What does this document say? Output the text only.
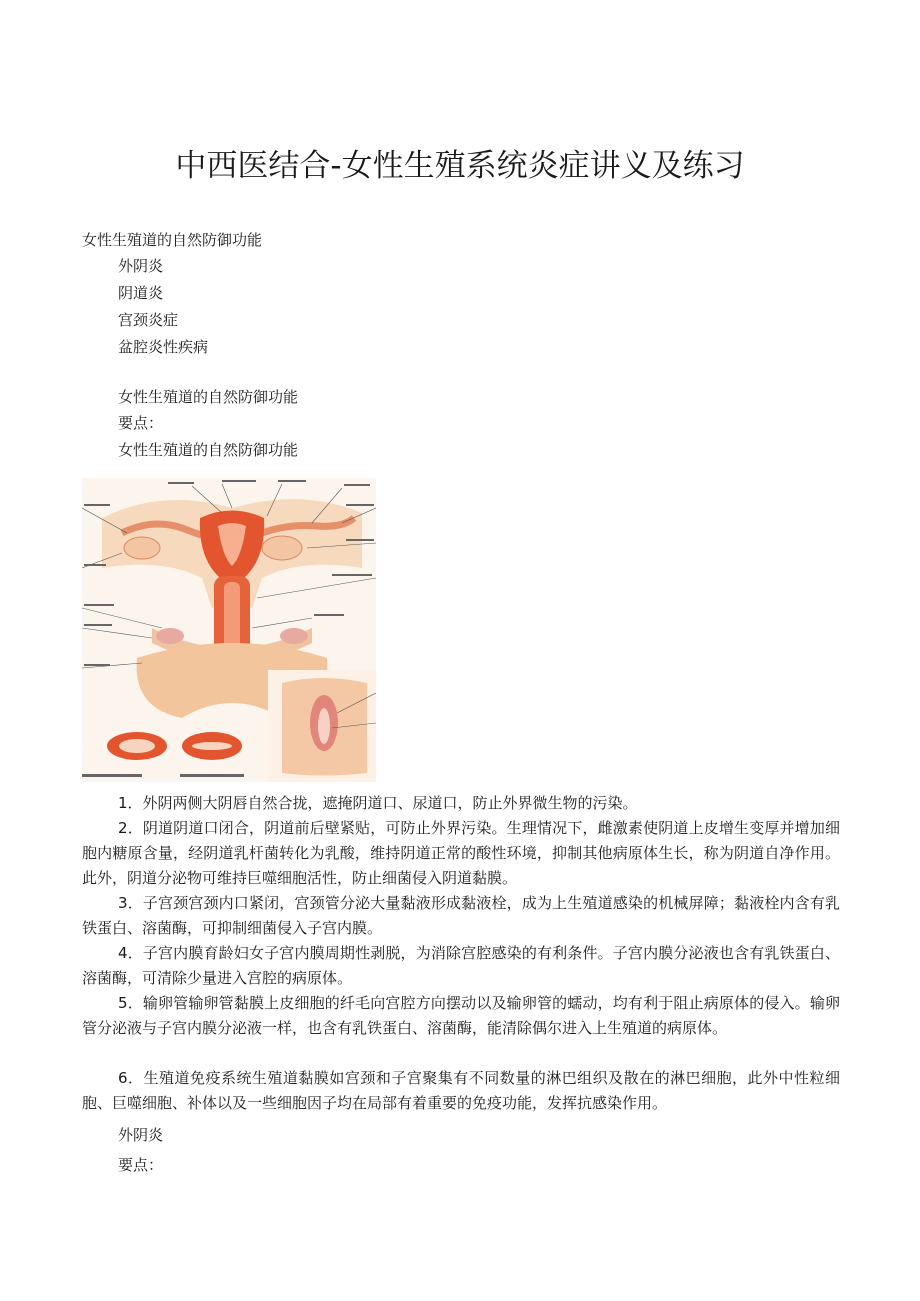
中西医结合-女性生殖系统炎症讲义及练习
女性生殖道的自然防御功能
外阴炎
阴道炎
宫颈炎症
盆腔炎性疾病
女性生殖道的自然防御功能
要点：
女性生殖道的自然防御功能

1．外阴两侧大阴唇自然合拢，遮掩阴道口、尿道口，防止外界微生物的污染。

2．阴道阴道口闭合，阴道前后壁紧贴，可防止外界污染。生理情况下，雌激素使阴道上皮增生变厚并增加细胞内糖原含量，经阴道乳杆菌转化为乳酸，维持阴道正常的酸性环境，抑制其他病原体生长，称为阴道自净作用。此外，阴道分泌物可维持巨噬细胞活性，防止细菌侵入阴道黏膜。

3．子宫颈宫颈内口紧闭，宫颈管分泌大量黏液形成黏液栓，成为上生殖道感染的机械屏障；黏液栓内含有乳铁蛋白、溶菌酶，可抑制细菌侵入子宫内膜。

4．子宫内膜育龄妇女子宫内膜周期性剥脱，为消除宫腔感染的有利条件。子宫内膜分泌液也含有乳铁蛋白、溶菌酶，可清除少量进入宫腔的病原体。

5．输卵管输卵管黏膜上皮细胞的纤毛向宫腔方向摆动以及输卵管的蠕动，均有利于阻止病原体的侵入。输卵管分泌液与子宫内膜分泌液一样，也含有乳铁蛋白、溶菌酶，能清除偶尔进入上生殖道的病原体。

6．生殖道免疫系统生殖道黏膜如宫颈和子宫聚集有不同数量的淋巴组织及散在的淋巴细胞，此外中性粒细胞、巨噬细胞、补体以及一些细胞因子均在局部有着重要的免疫功能，发挥抗感染作用。

外阴炎
要点：
